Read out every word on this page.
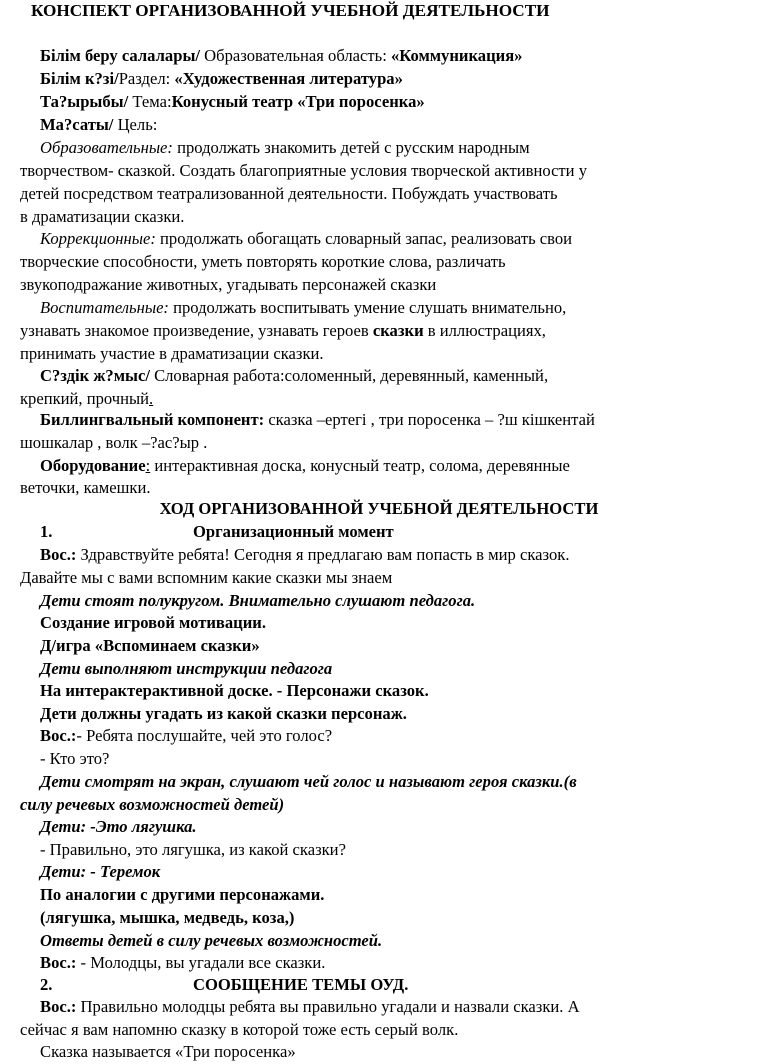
КОНСПЕКТ ОРГАНИЗОВАННОЙ УЧЕБНОЙ ДЕЯТЕЛЬНОСТИ
Білім беру салалары/ Образовательная область: «Коммуникация»
Білім к?зі/Раздел: «Художественная литература»
Та?ырыбы/ Тема:Конусный театр «Три поросенка»
Ма?саты/ Цель:
Образовательные: продолжать знакомить детей с русским народным
творчеством- сказкой. Создать благоприятные условия творческой активности у
детей посредством театрализованной деятельности. Побуждать участвовать
в драматизации сказки.
Коррекционные: продолжать обогащать словарный запас, реализовать свои
творческие способности, уметь повторять короткие слова, различать
звукоподражание животных, угадывать персонажей сказки
Воспитательные: продолжать воспитывать умение слушать внимательно,
узнавать знакомое произведение, узнавать героев сказки в иллюстрациях,
принимать участие в драматизации сказки.
С?здік ж?мыс/ Словарная работа:соломенный, деревянный, каменный,
крепкий, прочный.
Биллингвальный компонент: сказка –ертегі , три поросенка – ?ш кішкентай
шошкалар , волк –?ас?ыр .
Оборудование: интерактивная доска, конусный театр, солома, деревянные
веточки, камешки.
ХОД ОРГАНИЗОВАННОЙ УЧЕБНОЙ ДЕЯТЕЛЬНОСТИ
1.	Организационный момент
Вос.: Здравствуйте ребята! Сегодня я предлагаю вам попасть в мир сказок.
Давайте мы с вами вспомним какие сказки мы знаем
Дети стоят полукругом. Внимательно слушают педагога.
Создание игровой мотивации.
Д/игра «Вспоминаем сказки»
Дети выполняют инструкции педагога
На интерактерактивной доске. - Персонажи сказок.
Дети должны угадать из какой сказки персонаж.
Вос.:- Ребята послушайте, чей это голос?
- Кто это?
Дети смотрят на экран, слушают чей голос и называют героя сказки.(в
силу речевых возможностей детей)
Дети: -Это лягушка.
- Правильно, это лягушка, из какой сказки?
Дети: - Теремок
По аналогии с другими персонажами.
(лягушка, мышка, медведь, коза,)
Ответы детей в силу речевых возможностей.
Вос.: - Молодцы, вы угадали все сказки.
2.	СООБЩЕНИЕ ТЕМЫ ОУД.
Вос.: Правильно молодцы ребята вы правильно угадали и назвали сказки. А
сейчас я вам напомню сказку в которой тоже есть серый волк.
Сказка называется «Три поросенка»
